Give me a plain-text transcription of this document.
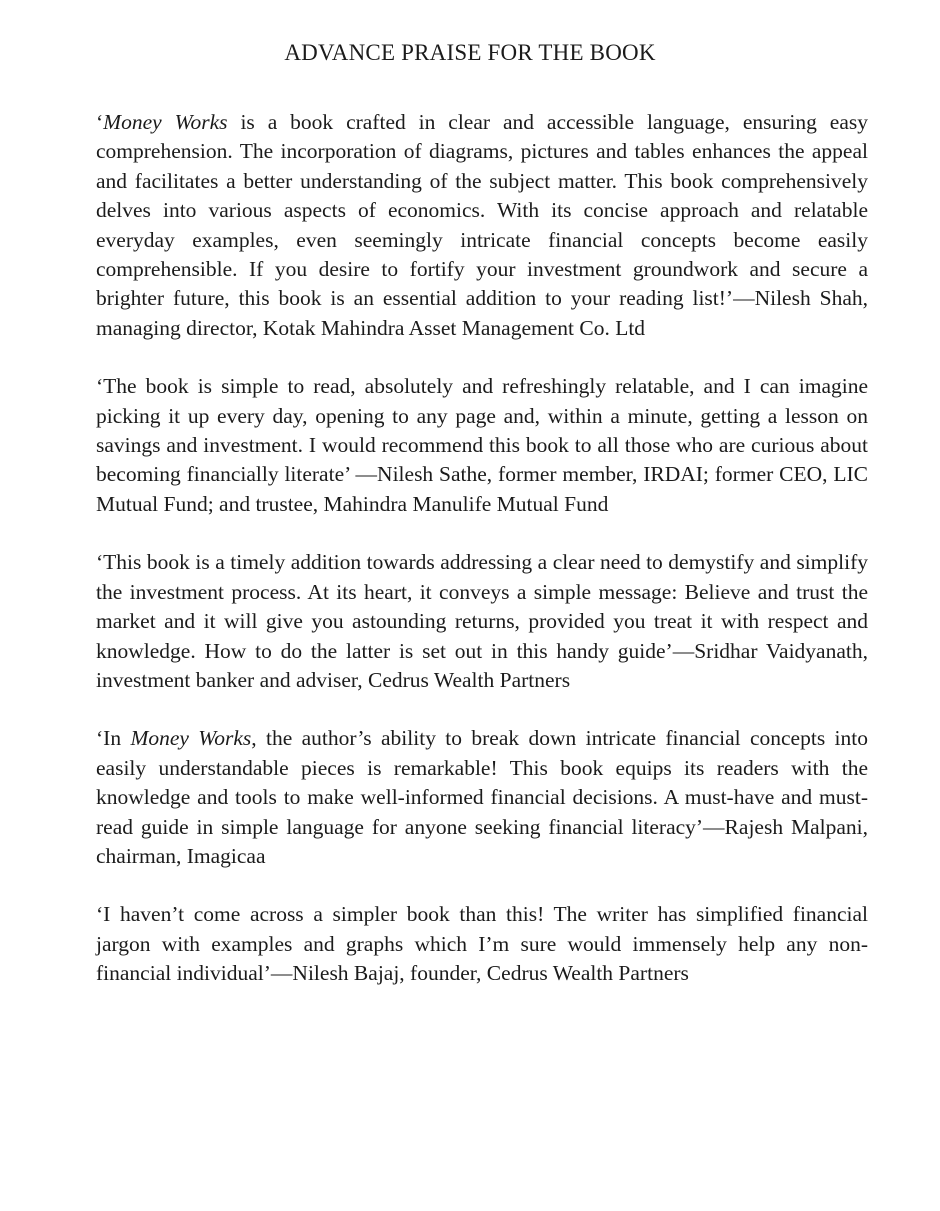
ADVANCE PRAISE FOR THE BOOK

‘Money Works is a book crafted in clear and accessible language, ensuring easy comprehension. The incorporation of diagrams, pictures and tables enhances the appeal and facilitates a better understanding of the subject matter. This book comprehensively delves into various aspects of economics. With its concise approach and relatable everyday examples, even seemingly intricate financial concepts become easily comprehensible. If you desire to fortify your investment groundwork and secure a brighter future, this book is an essential addition to your reading list!’—Nilesh Shah, managing director, Kotak Mahindra Asset Management Co. Ltd

‘The book is simple to read, absolutely and refreshingly relatable, and I can imagine picking it up every day, opening to any page and, within a minute, getting a lesson on savings and investment. I would recommend this book to all those who are curious about becoming financially literate’ —Nilesh Sathe, former member, IRDAI; former CEO, LIC Mutual Fund; and trustee, Mahindra Manulife Mutual Fund

‘This book is a timely addition towards addressing a clear need to demystify and simplify the investment process. At its heart, it conveys a simple message: Believe and trust the market and it will give you astounding returns, provided you treat it with respect and knowledge. How to do the latter is set out in this handy guide’—Sridhar Vaidyanath, investment banker and adviser, Cedrus Wealth Partners

‘In Money Works, the author’s ability to break down intricate financial concepts into easily understandable pieces is remarkable! This book equips its readers with the knowledge and tools to make well-informed financial decisions. A must-have and must-read guide in simple language for anyone seeking financial literacy’—Rajesh Malpani, chairman, Imagicaa

‘I haven’t come across a simpler book than this! The writer has simplified financial jargon with examples and graphs which I’m sure would immensely help any non-financial individual’—Nilesh Bajaj, founder, Cedrus Wealth Partners
